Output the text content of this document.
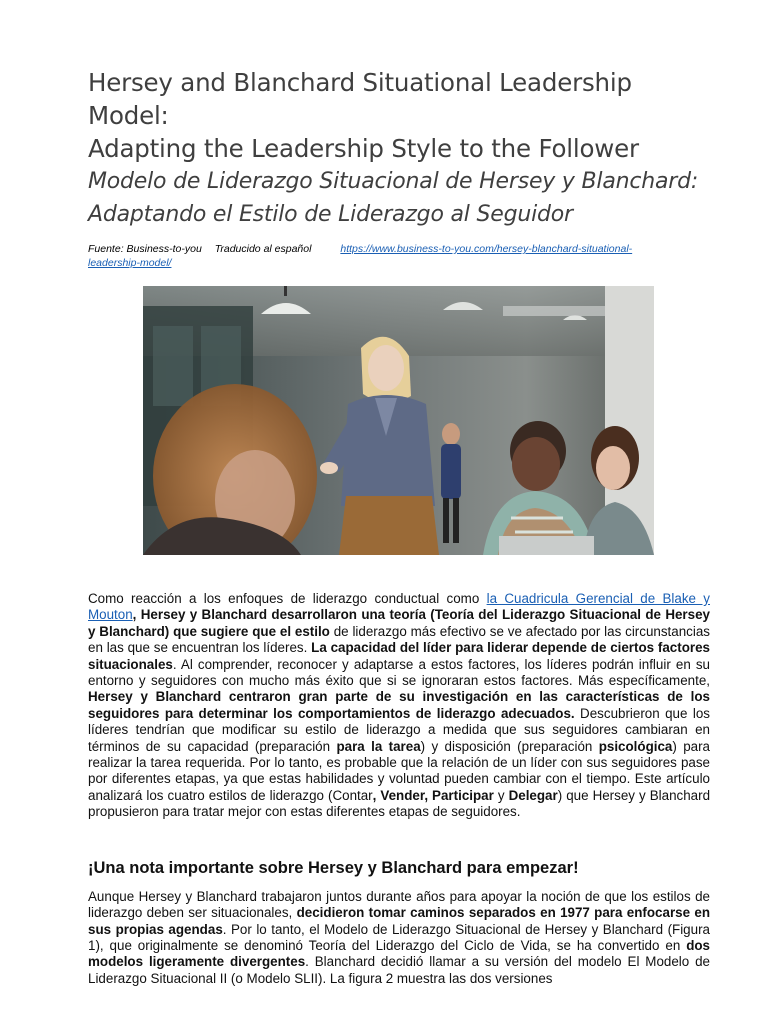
Hersey and Blanchard Situational Leadership Model:
Adapting the Leadership Style to the Follower
Modelo de Liderazgo Situacional de Hersey y Blanchard:
Adaptando el Estilo de Liderazgo al Seguidor
Fuente: Business-to-you Traducido al español	https://www.business-to-you.com/hersey-blanchard-situational-
leadership-model/
Como reacción a los enfoques de liderazgo conductual como la Cuadricula Gerencial de Blake y Mouton, Hersey y Blanchard desarrollaron una teoría (Teoría del Liderazgo Situacional de Hersey y Blanchard) que sugiere que el estilo de liderazgo más efectivo se ve afectado por las circunstancias en las que se encuentran los líderes. La capacidad del líder para liderar depende de ciertos factores situacionales. Al comprender, reconocer y adaptarse a estos factores, los líderes podrán influir en su entorno y seguidores con mucho más éxito que si se ignoraran estos factores. Más específicamente, Hersey y Blanchard centraron gran parte de su investigación en las características de los seguidores para determinar los comportamientos de liderazgo adecuados. Descubrieron que los líderes tendrían que modificar su estilo de liderazgo a medida que sus seguidores cambiaran en términos de su capacidad (preparación para la tarea) y disposición (preparación psicológica) para realizar la tarea requerida. Por lo tanto, es probable que la relación de un líder con sus seguidores pase por diferentes etapas, ya que estas habilidades y voluntad pueden cambiar con el tiempo. Este artículo analizará los cuatro estilos de liderazgo (Contar, Vender, Participar y Delegar) que Hersey y Blanchard propusieron para tratar mejor con estas diferentes etapas de seguidores.
¡Una nota importante sobre Hersey y Blanchard para empezar!
Aunque Hersey y Blanchard trabajaron juntos durante años para apoyar la noción de que los estilos de liderazgo deben ser situacionales, decidieron tomar caminos separados en 1977 para enfocarse en sus propias agendas. Por lo tanto, el Modelo de Liderazgo Situacional de Hersey y Blanchard (Figura 1), que originalmente se denominó Teoría del Liderazgo del Ciclo de Vida, se ha convertido en dos modelos ligeramente divergentes. Blanchard decidió llamar a su versión del modelo El Modelo de Liderazgo Situacional II (o Modelo SLII). La figura 2 muestra las dos versiones
